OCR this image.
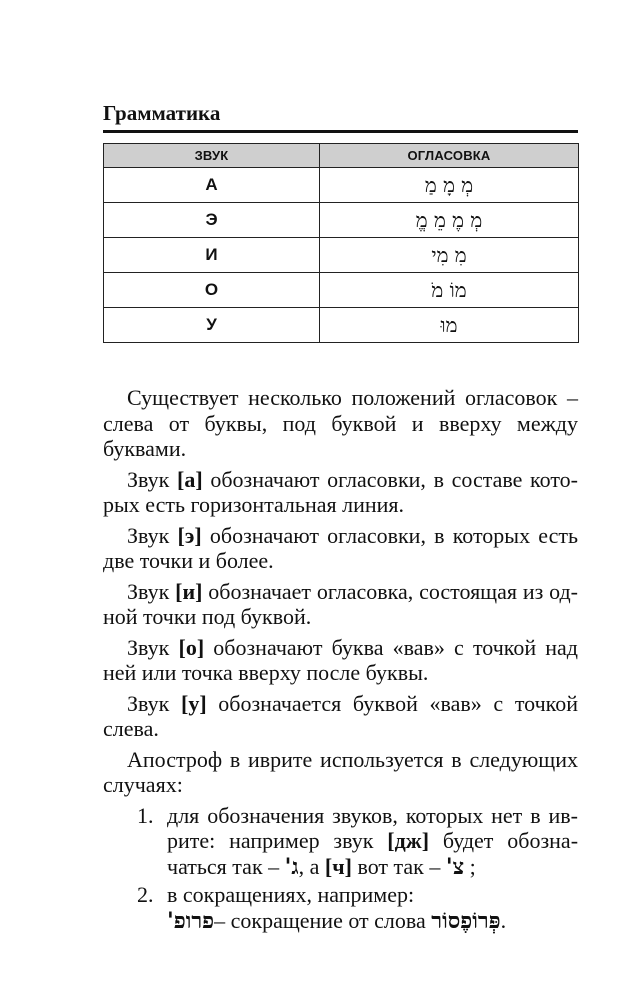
Грамматика
ЗВУК	ОГЛАСОВКА
А	מְ מָ מַ
Э	מְ מֶ מֵ מֱ
И	מִ מִי
О	מוֹ מֹ
У	מוּ

Существует несколько положений огласовок – слева от буквы, под буквой и вверху между буквами.

Звук [а] обозначают огласовки, в составе которых есть горизонтальная линия.

Звук [э] обозначают огласовки, в которых есть две точки и более.

Звук [и] обозначает огласовка, состоящая из одной точки под буквой.

Звук [о] обозначают буква «вав» с точкой над ней или точка вверху после буквы.

Звук [у] обозначается буквой «вав» с точкой слева.

Апостроф в иврите используется в следующих случаях:

1. для обозначения звуков, которых нет в иврите: например звук [дж] будет обозначаться так – ג', а [ч] вот так – צ' ;
2. в сокращениях, например:
פרופ'– сокращение от слова פְּרוֹפֶסוֹר.
